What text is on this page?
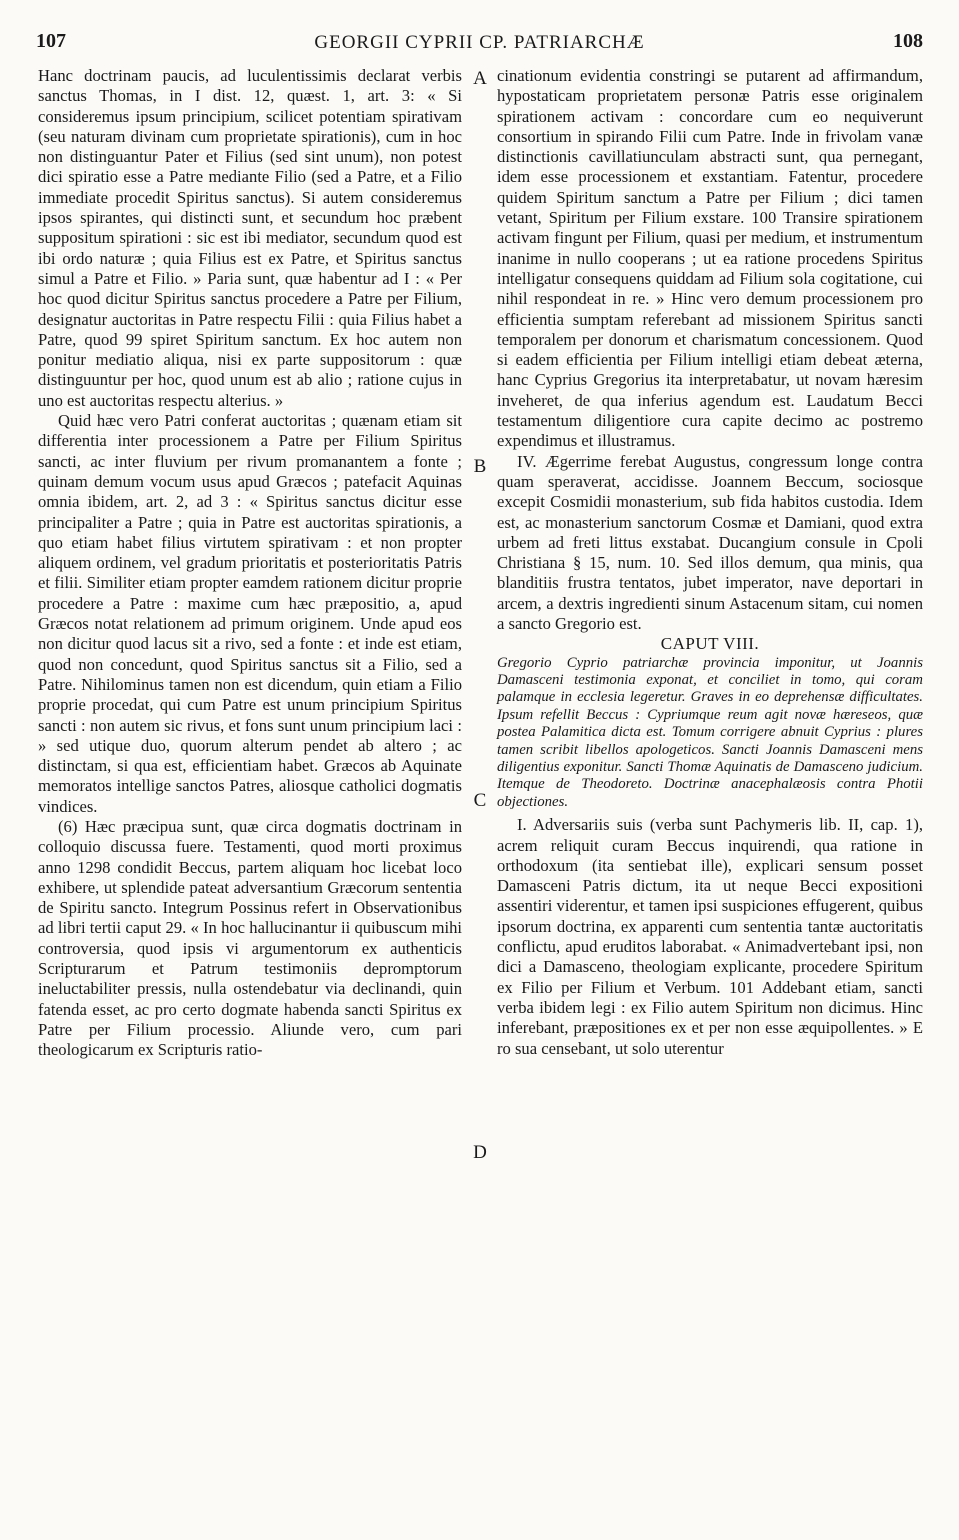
107	GEORGII CYPRII CP. PATRIARCHÆ	108
A
B
C
D

Hanc doctrinam paucis, ad luculentissimis declarat verbis sanctus Thomas, in I dist. 12, quæst. 1, art. 3: « Si consideremus ipsum principium, scilicet potentiam spirativam (seu naturam divinam cum proprietate spirationis), cum in hoc non distinguantur Pater et Filius (sed sint unum), non potest dici spiratio esse a Patre mediante Filio (sed a Patre, et a Filio immediate procedit Spiritus sanctus). Si autem consideremus ipsos spirantes, qui distincti sunt, et secundum hoc præbent suppositum spirationi : sic est ibi mediator, secundum quod est ibi ordo naturæ ; quia Filius est ex Patre, et Spiritus sanctus simul a Patre et Filio. » Paria sunt, quæ habentur ad I : « Per hoc quod dicitur Spiritus sanctus procedere a Patre per Filium, designatur auctoritas in Patre respectu Filii : quia Filius habet a Patre, quod 99 spiret Spiritum sanctum. Ex hoc autem non ponitur mediatio aliqua, nisi ex parte suppositorum : quæ distinguuntur per hoc, quod unum est ab alio ; ratione cujus in uno est auctoritas respectu alterius. »

Quid hæc vero Patri conferat auctoritas ; quænam etiam sit differentia inter processionem a Patre per Filium Spiritus sancti, ac inter fluvium per rivum promanantem a fonte ; quinam demum vocum usus apud Græcos ; patefacit Aquinas omnia ibidem, art. 2, ad 3 : « Spiritus sanctus dicitur esse principaliter a Patre ; quia in Patre est auctoritas spirationis, a quo etiam habet filius virtutem spirativam : et non propter aliquem ordinem, vel gradum prioritatis et posterioritatis Patris et filii. Similiter etiam propter eamdem rationem dicitur proprie procedere a Patre : maxime cum hæc præpositio, a, apud Græcos notat relationem ad primum originem. Unde apud eos non dicitur quod lacus sit a rivo, sed a fonte : et inde est etiam, quod non concedunt, quod Spiritus sanctus sit a Filio, sed a Patre. Nihilominus tamen non est dicendum, quin etiam a Filio proprie procedat, qui cum Patre est unum principium Spiritus sancti : non autem sic rivus, et fons sunt unum principium laci : » sed utique duo, quorum alterum pendet ab altero ; ac distinctam, si qua est, efficientiam habet. Græcos ab Aquinate memoratos intellige sanctos Patres, aliosque catholici dogmatis vindices.

(6) Hæc præcipua sunt, quæ circa dogmatis doctrinam in colloquio discussa fuere. Testamenti, quod morti proximus anno 1298 condidit Beccus, partem aliquam hoc licebat loco exhibere, ut splendide pateat adversantium Græcorum sententia de Spiritu sancto. Integrum Possinus refert in Observationibus ad libri tertii caput 29. « In hoc hallucinantur ii quibuscum mihi controversia, quod ipsis vi argumentorum ex authenticis Scripturarum et Patrum testimoniis depromptorum ineluctabiliter pressis, nulla ostendebatur via declinandi, quin fatenda esset, ac pro certo dogmate habenda sancti Spiritus ex Patre per Filium processio. Aliunde vero, cum pari theologicarum ex Scripturis ratio-

cinationum evidentia constringi se putarent ad affirmandum, hypostaticam proprietatem personæ Patris esse originalem spirationem activam : concordare cum eo nequiverunt consortium in spirando Filii cum Patre. Inde in frivolam vanæ distinctionis cavillatiunculam abstracti sunt, qua pernegant, idem esse processionem et exstantiam. Fatentur, procedere quidem Spiritum sanctum a Patre per Filium ; dici tamen vetant, Spiritum per Filium exstare. 100 Transire spirationem activam fingunt per Filium, quasi per medium, et instrumentum inanime in nullo cooperans ; ut ea ratione procedens Spiritus intelligatur consequens quiddam ad Filium sola cogitatione, cui nihil respondeat in re. » Hinc vero demum processionem pro efficientia sumptam referebant ad missionem Spiritus sancti temporalem per donorum et charismatum concessionem. Quod si eadem efficientia per Filium intelligi etiam debeat æterna, hanc Cyprius Gregorius ita interpretabatur, ut novam hæresim inveheret, de qua inferius agendum est. Laudatum Becci testamentum diligentiore cura capite decimo ac postremo expendimus et illustramus.

IV. Ægerrime ferebat Augustus, congressum longe contra quam speraverat, accidisse. Joannem Beccum, sociosque excepit Cosmidii monasterium, sub fida habitos custodia. Idem est, ac monasterium sanctorum Cosmæ et Damiani, quod extra urbem ad freti littus exstabat. Ducangium consule in Cpoli Christiana § 15, num. 10. Sed illos demum, qua minis, qua blanditiis frustra tentatos, jubet imperator, nave deportari in arcem, a dextris ingredienti sinum Astacenum sitam, cui nomen a sancto Gregorio est.

CAPUT VIII.

Gregorio Cyprio patriarchæ provincia imponitur, ut Joannis Damasceni testimonia exponat, et conciliet in tomo, qui coram palamque in ecclesia legeretur. Graves in eo deprehensæ difficultates. Ipsum refellit Beccus : Cypriumque reum agit novæ hæreseos, quæ postea Palamitica dicta est. Tomum corrigere abnuit Cyprius : plures tamen scribit libellos apologeticos. Sancti Joannis Damasceni mens diligentius exponitur. Sancti Thomæ Aquinatis de Damasceno judicium. Itemque de Theodoreto. Doctrinæ anacephalæosis contra Photii objectiones.

I. Adversariis suis (verba sunt Pachymeris lib. II, cap. 1), acrem reliquit curam Beccus inquirendi, qua ratione in orthodoxum (ita sentiebat ille), explicari sensum posset Damasceni Patris dictum, ita ut neque Becci expositioni assentiri viderentur, et tamen ipsi suspiciones effugerent, quibus ipsorum doctrina, ex apparenti cum sententia tantæ auctoritatis conflictu, apud eruditos laborabat. « Animadvertebant ipsi, non dici a Damasceno, theologiam explicante, procedere Spiritum ex Filio per Filium et Verbum. 101 Addebant etiam, sancti verba ibidem legi : ex Filio autem Spiritum non dicimus. Hinc inferebant, præpositiones ex et per non esse æquipollentes. » E ro sua censebant, ut solo uterentur
